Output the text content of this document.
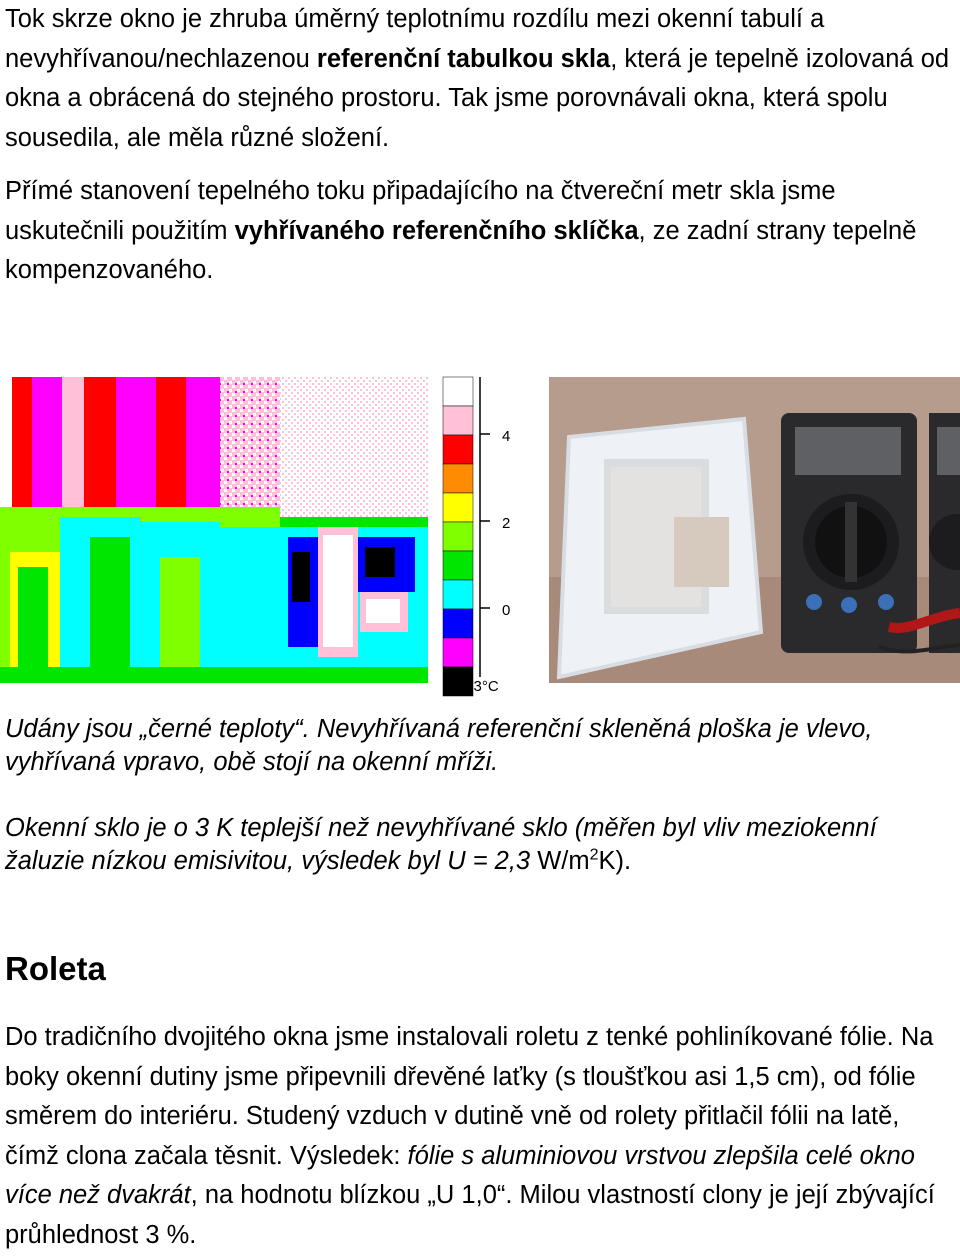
Tok skrze okno je zhruba úměrný teplotnímu rozdílu mezi okenní tabulí a nevyhřívanou/nechlazenou referenční tabulkou skla, která je tepelně izolovaná od okna a obrácená do stejného prostoru. Tak jsme porovnávali okna, která spolu sousedila, ale měla různé složení.

Přímé stanovení tepelného toku připadajícího na čtvereční metr skla jsme uskutečnili použitím vyhřívaného referenčního sklíčka, ze zadní strany tepelně kompenzovaného.

4
2
0
-1.3°C

Udány jsou „černé teploty“. Nevyhřívaná referenční skleněná ploška je vlevo, vyhřívaná vpravo, obě stojí na okenní mříži.

Okenní sklo je o 3 K teplejší než nevyhřívané sklo (měřen byl vliv meziokenní žaluzie nízkou emisivitou, výsledek byl U = 2,3 $W/m^2K$).

Roleta

Do tradičního dvojitého okna jsme instalovali roletu z tenké pohliníkované fólie. Na boky okenní dutiny jsme připevnili dřevěné laťky (s tloušťkou asi 1,5 cm), od fólie směrem do interiéru. Studený vzduch v dutině vně od rolety přitlačil fólii na latě, čímž clona začala těsnit. Výsledek: fólie s aluminiovou vrstvou zlepšila celé okno více než dvakrát, na hodnotu blízkou „U 1,0“. Milou vlastností clony je její zbývající průhlednost 3 %.
